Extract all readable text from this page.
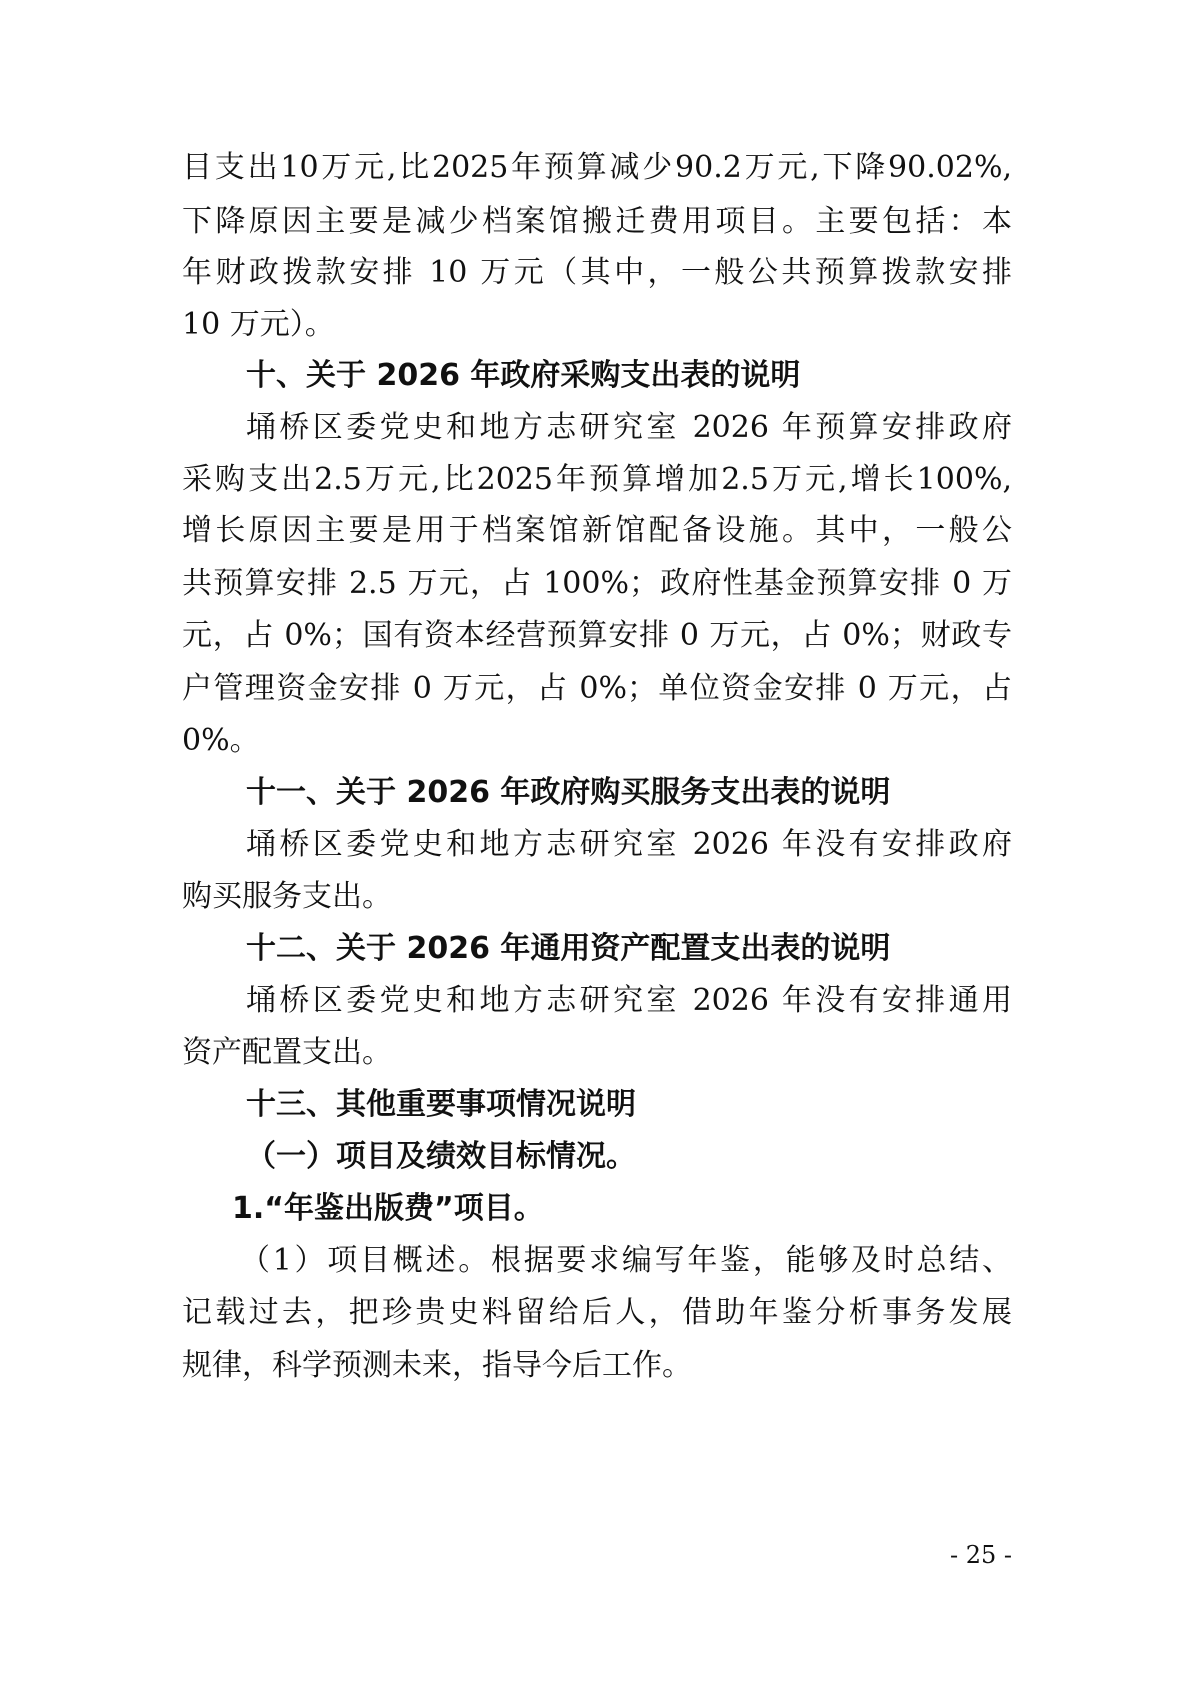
目支出10万元,比2025年预算减少90.2万元,下降90.02%,
下降原因主要是减少档案馆搬迁费用项目。主要包括：本
年财政拨款安排 10 万元（其中，一般公共预算拨款安排
10 万元）。
十、关于 2026 年政府采购支出表的说明
埇桥区委党史和地方志研究室 2026 年预算安排政府
采购支出2.5万元,比2025年预算增加2.5万元,增长100%,
增长原因主要是用于档案馆新馆配备设施。其中，一般公
共预算安排 2.5 万元，占 100%；政府性基金预算安排 0 万
元，占 0%；国有资本经营预算安排 0 万元，占 0%；财政专
户管理资金安排 0 万元，占 0%；单位资金安排 0 万元，占
0%。
十一、关于 2026 年政府购买服务支出表的说明
埇桥区委党史和地方志研究室 2026 年没有安排政府
购买服务支出。
十二、关于 2026 年通用资产配置支出表的说明
埇桥区委党史和地方志研究室 2026 年没有安排通用
资产配置支出。
十三、其他重要事项情况说明
（一）项目及绩效目标情况。
1.“年鉴出版费”项目。
（1）项目概述。根据要求编写年鉴，能够及时总结、
记载过去，把珍贵史料留给后人，借助年鉴分析事务发展
规律，科学预测未来，指导今后工作。
- 25 -
